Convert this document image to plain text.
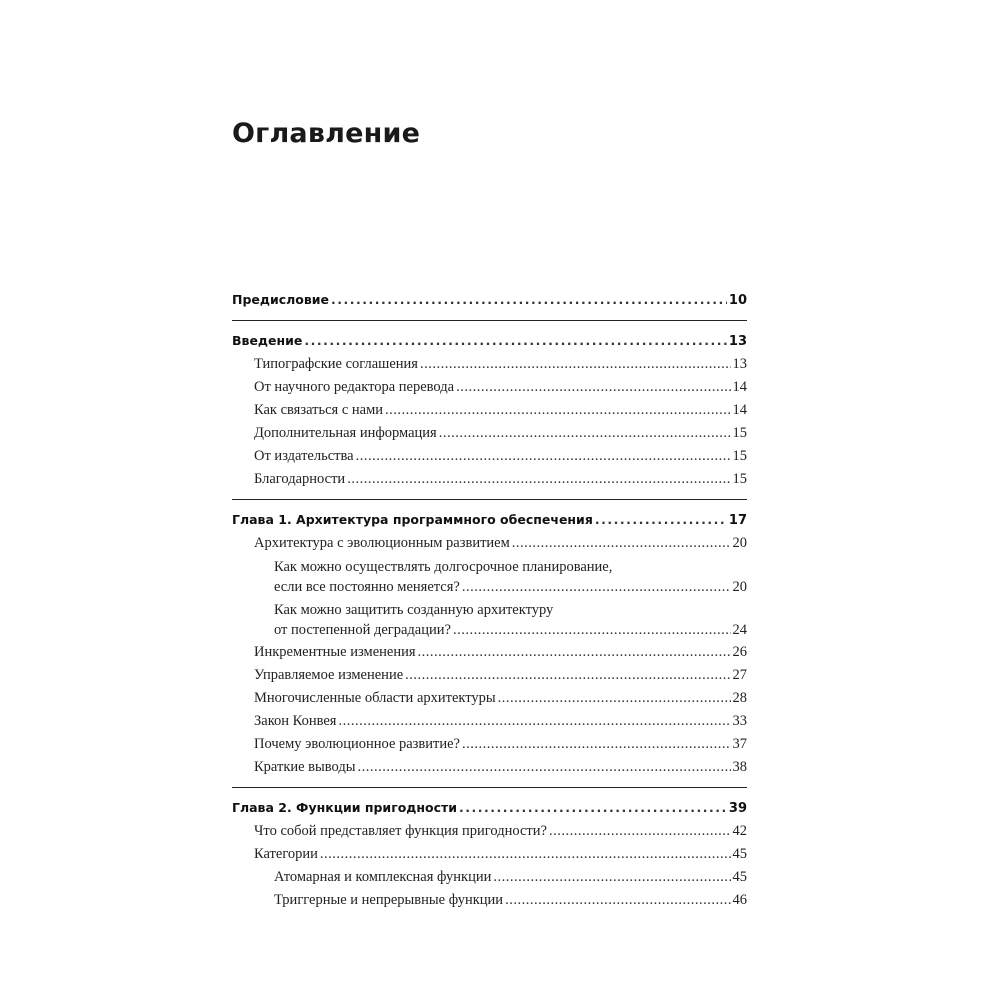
Оглавление
Предисловие .....	10
Введение .....	13
Типографские соглашения .....	13
От научного редактора перевода .....	14
Как связаться с нами .....	14
Дополнительная информация .....	15
От издательства .....	15
Благодарности .....	15
Глава 1. Архитектура программного обеспечения .....	17
Архитектура с эволюционным развитием .....	20
Как можно осуществлять долгосрочное планирование,
если все постоянно меняется? .....	20
Как можно защитить созданную архитектуру
от постепенной деградации? .....	24
Инкрементные изменения .....	26
Управляемое изменение .....	27
Многочисленные области архитектуры .....	28
Закон Конвея .....	33
Почему эволюционное развитие? .....	37
Краткие выводы .....	38
Глава 2. Функции пригодности .....	39
Что собой представляет функция пригодности? .....	42
Категории .....	45
Атомарная и комплексная функции .....	45
Триггерные и непрерывные функции .....	46
